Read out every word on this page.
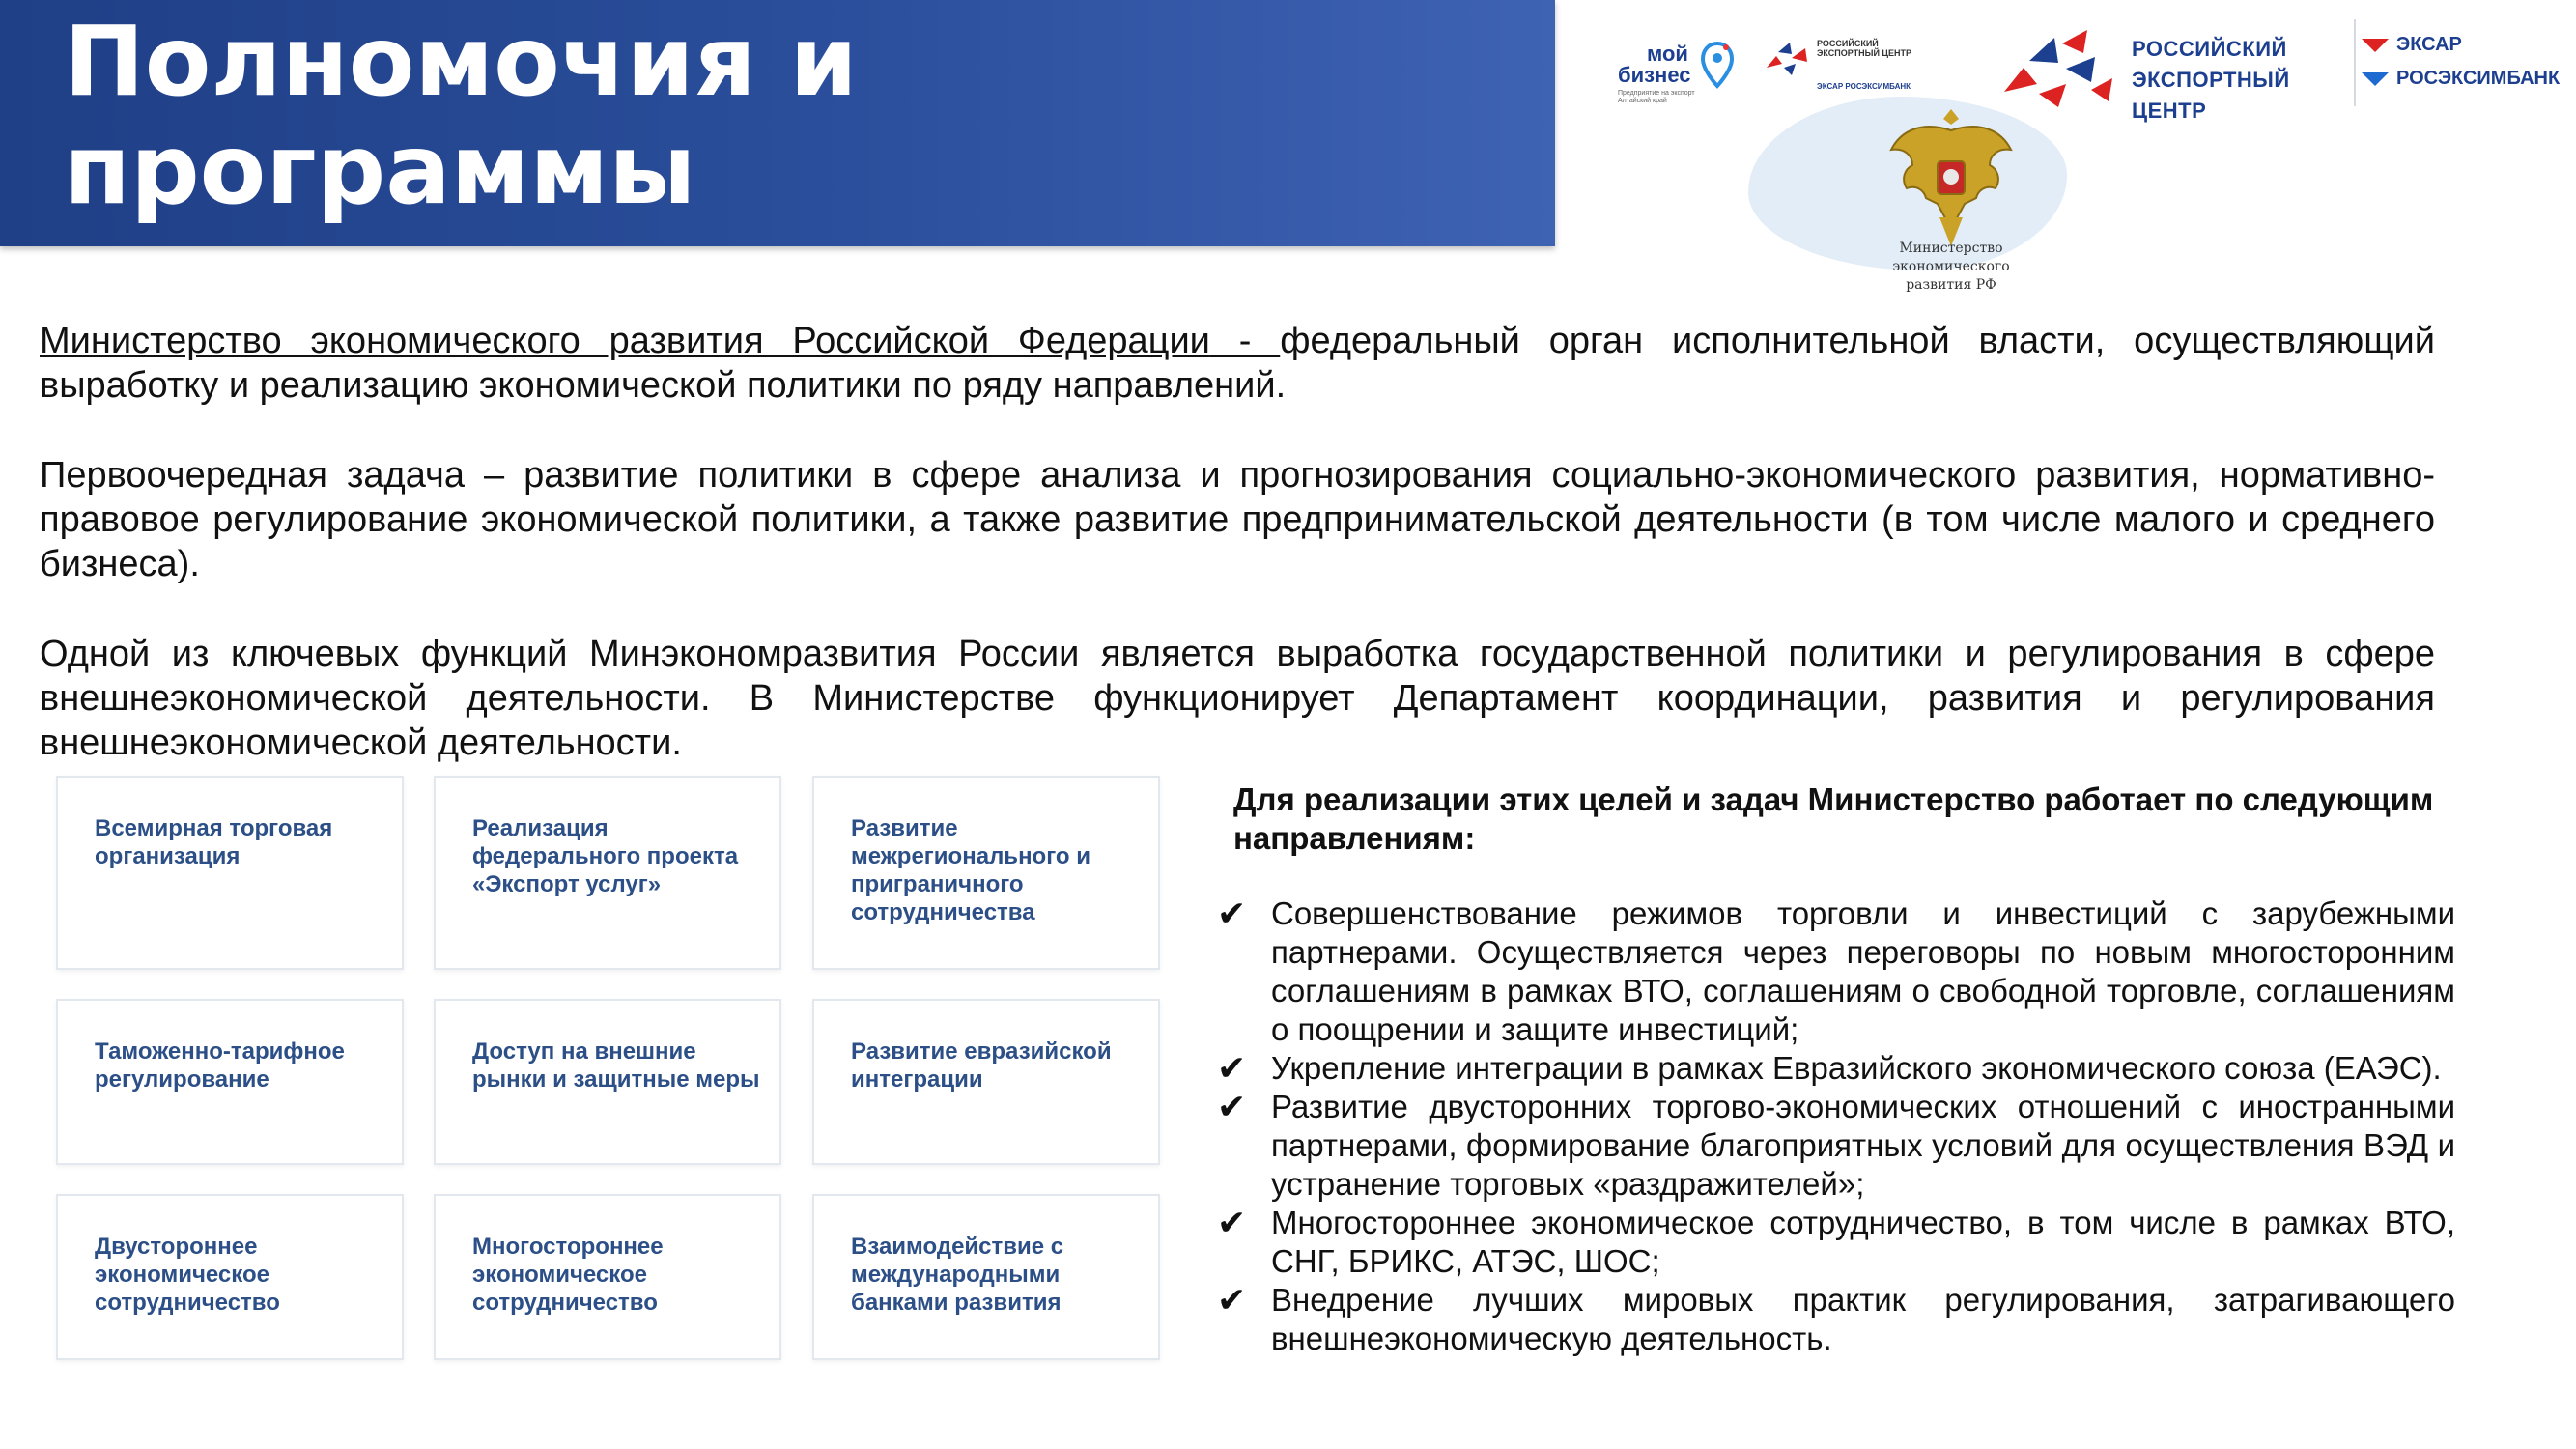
Полномочия и программы
мой
бизнес
Предприятие на экспорт Алтайский край
РОССИЙСКИЙ ЭКСПОРТНЫЙ ЦЕНТР
ЭКСАР РОСЭКСИМБАНК
РОССИЙСКИЙ
ЭКСПОРТНЫЙ ЦЕНТР
ЭКСАР
РОСЭКСИМБАНК
Министерство экономического развития РФ
Министерство экономического развития Российской Федерации - федеральный орган исполнительной власти, осуществляющий выработку и реализацию экономической политики по ряду направлений.
Первоочередная задача – развитие политики в сфере анализа и прогнозирования социально-экономического развития, нормативно-правовое регулирование экономической политики, а также развитие предпринимательской деятельности (в том числе малого и среднего бизнеса).
Одной из ключевых функций Минэкономразвития России является выработка государственной политики и регулирования в сфере внешнеэкономической деятельности. В Министерстве функционирует Департамент координации, развития и регулирования внешнеэкономической деятельности.
Всемирная торговая организация
Реализация федерального проекта «Экспорт услуг»
Развитие межрегионального и приграничного сотрудничества
Таможенно-тарифное регулирование
Доступ на внешние рынки и защитные меры
Развитие евразийской интеграции
Двустороннее экономическое сотрудничество
Многостороннее экономическое сотрудничество
Взаимодействие с международными банками развития
Для реализации этих целей и задач Министерство работает по следующим направлениям:
✔ Совершенствование режимов торговли и инвестиций с зарубежными партнерами. Осуществляется через переговоры по новым многосторонним соглашениям в рамках ВТО, соглашениям о свободной торговле, соглашениям о поощрении и защите инвестиций;
✔ Укрепление интеграции в рамках Евразийского экономического союза (ЕАЭС).
✔ Развитие двусторонних торгово-экономических отношений с иностранными партнерами, формирование благоприятных условий для осуществления ВЭД и устранение торговых «раздражителей»;
✔ Многостороннее экономическое сотрудничество, в том числе в рамках ВТО, СНГ, БРИКС, АТЭС, ШОС;
✔ Внедрение лучших мировых практик регулирования, затрагивающего внешнеэкономическую деятельность.
